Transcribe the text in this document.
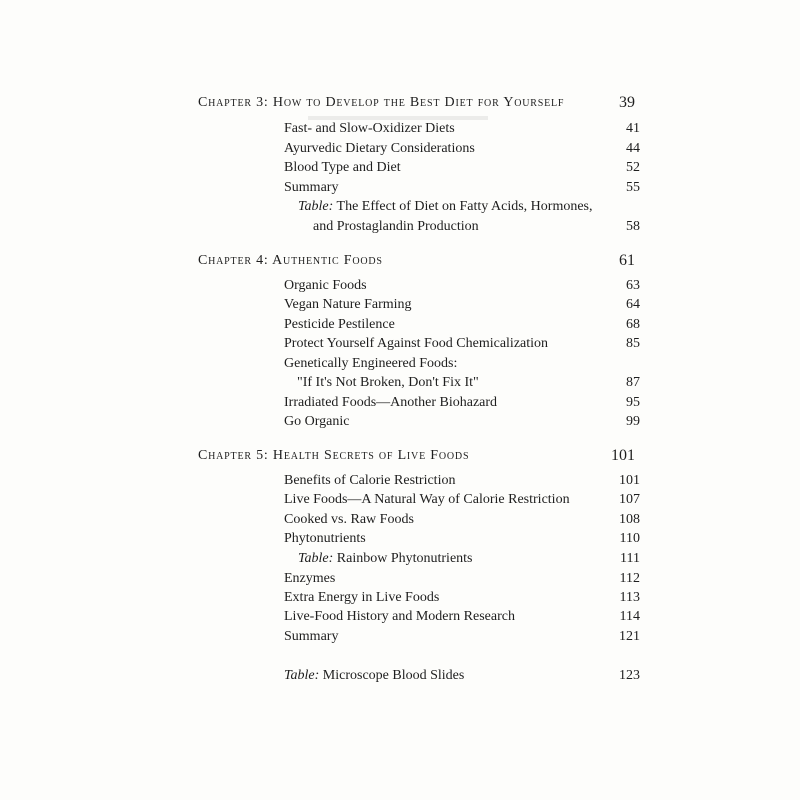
Chapter 3: How to Develop the Best Diet for Yourself	39
Fast- and Slow-Oxidizer Diets	41
Ayurvedic Dietary Considerations	44
Blood Type and Diet	52
Summary	55
Table: The Effect of Diet on Fatty Acids, Hormones,
and Prostaglandin Production	58
Chapter 4: Authentic Foods	61
Organic Foods	63
Vegan Nature Farming	64
Pesticide Pestilence	68
Protect Yourself Against Food Chemicalization	85
Genetically Engineered Foods:
"If It's Not Broken, Don't Fix It"	87
Irradiated Foods—Another Biohazard	95
Go Organic	99
Chapter 5: Health Secrets of Live Foods	101
Benefits of Calorie Restriction	101
Live Foods—A Natural Way of Calorie Restriction	107
Cooked vs. Raw Foods	108
Phytonutrients	110
Table: Rainbow Phytonutrients	111
Enzymes	112
Extra Energy in Live Foods	113
Live-Food History and Modern Research	114
Summary	121
Table: Microscope Blood Slides	123
